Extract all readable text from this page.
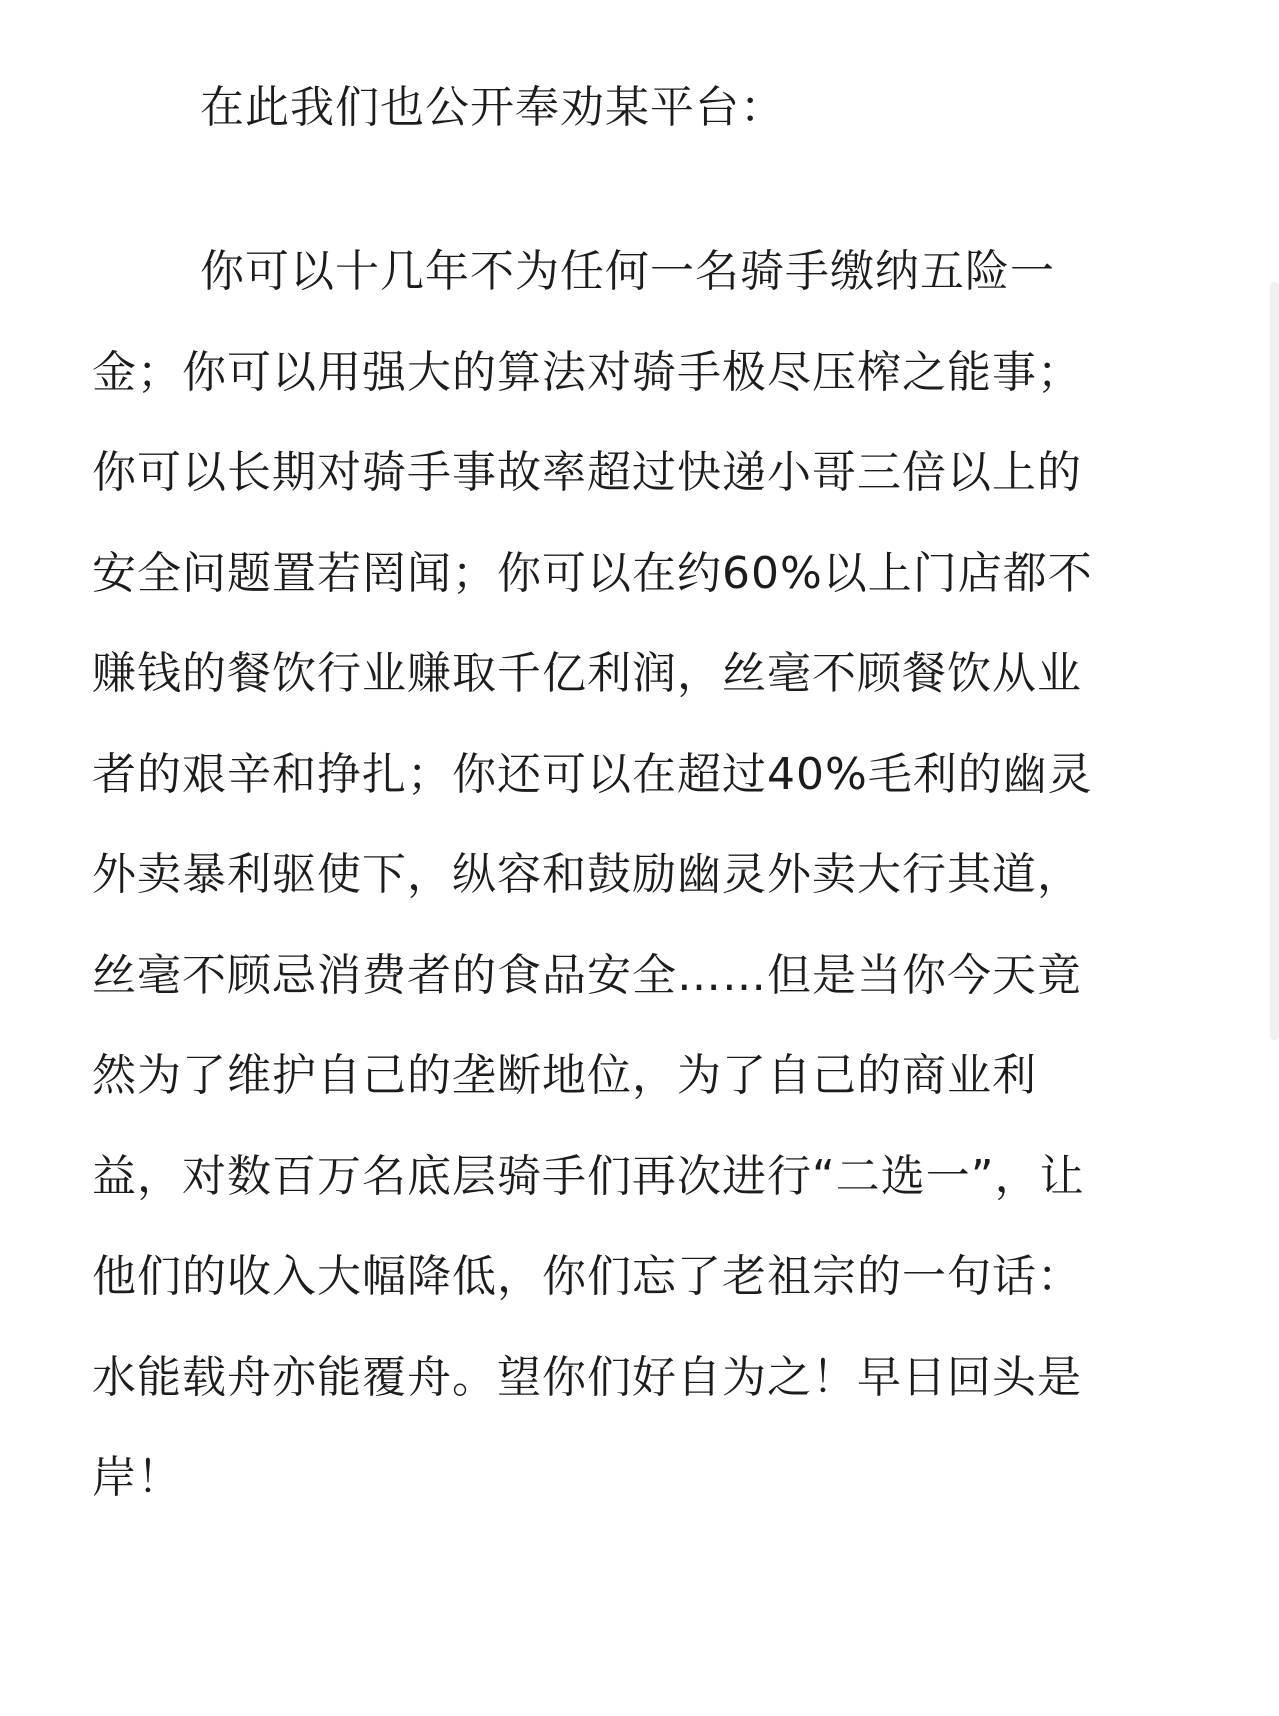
在此我们也公开奉劝某平台：
你可以十几年不为任何一名骑手缴纳五险一
金；你可以用强大的算法对骑手极尽压榨之能事；
你可以长期对骑手事故率超过快递小哥三倍以上的
安全问题置若罔闻；你可以在约60%以上门店都不
赚钱的餐饮行业赚取千亿利润，丝毫不顾餐饮从业
者的艰辛和挣扎；你还可以在超过40%毛利的幽灵
外卖暴利驱使下，纵容和鼓励幽灵外卖大行其道，
丝毫不顾忌消费者的食品安全……但是当你今天竟
然为了维护自己的垄断地位，为了自己的商业利
益，对数百万名底层骑手们再次进行“二选一”，让
他们的收入大幅降低，你们忘了老祖宗的一句话：
水能载舟亦能覆舟。望你们好自为之！早日回头是
岸！
